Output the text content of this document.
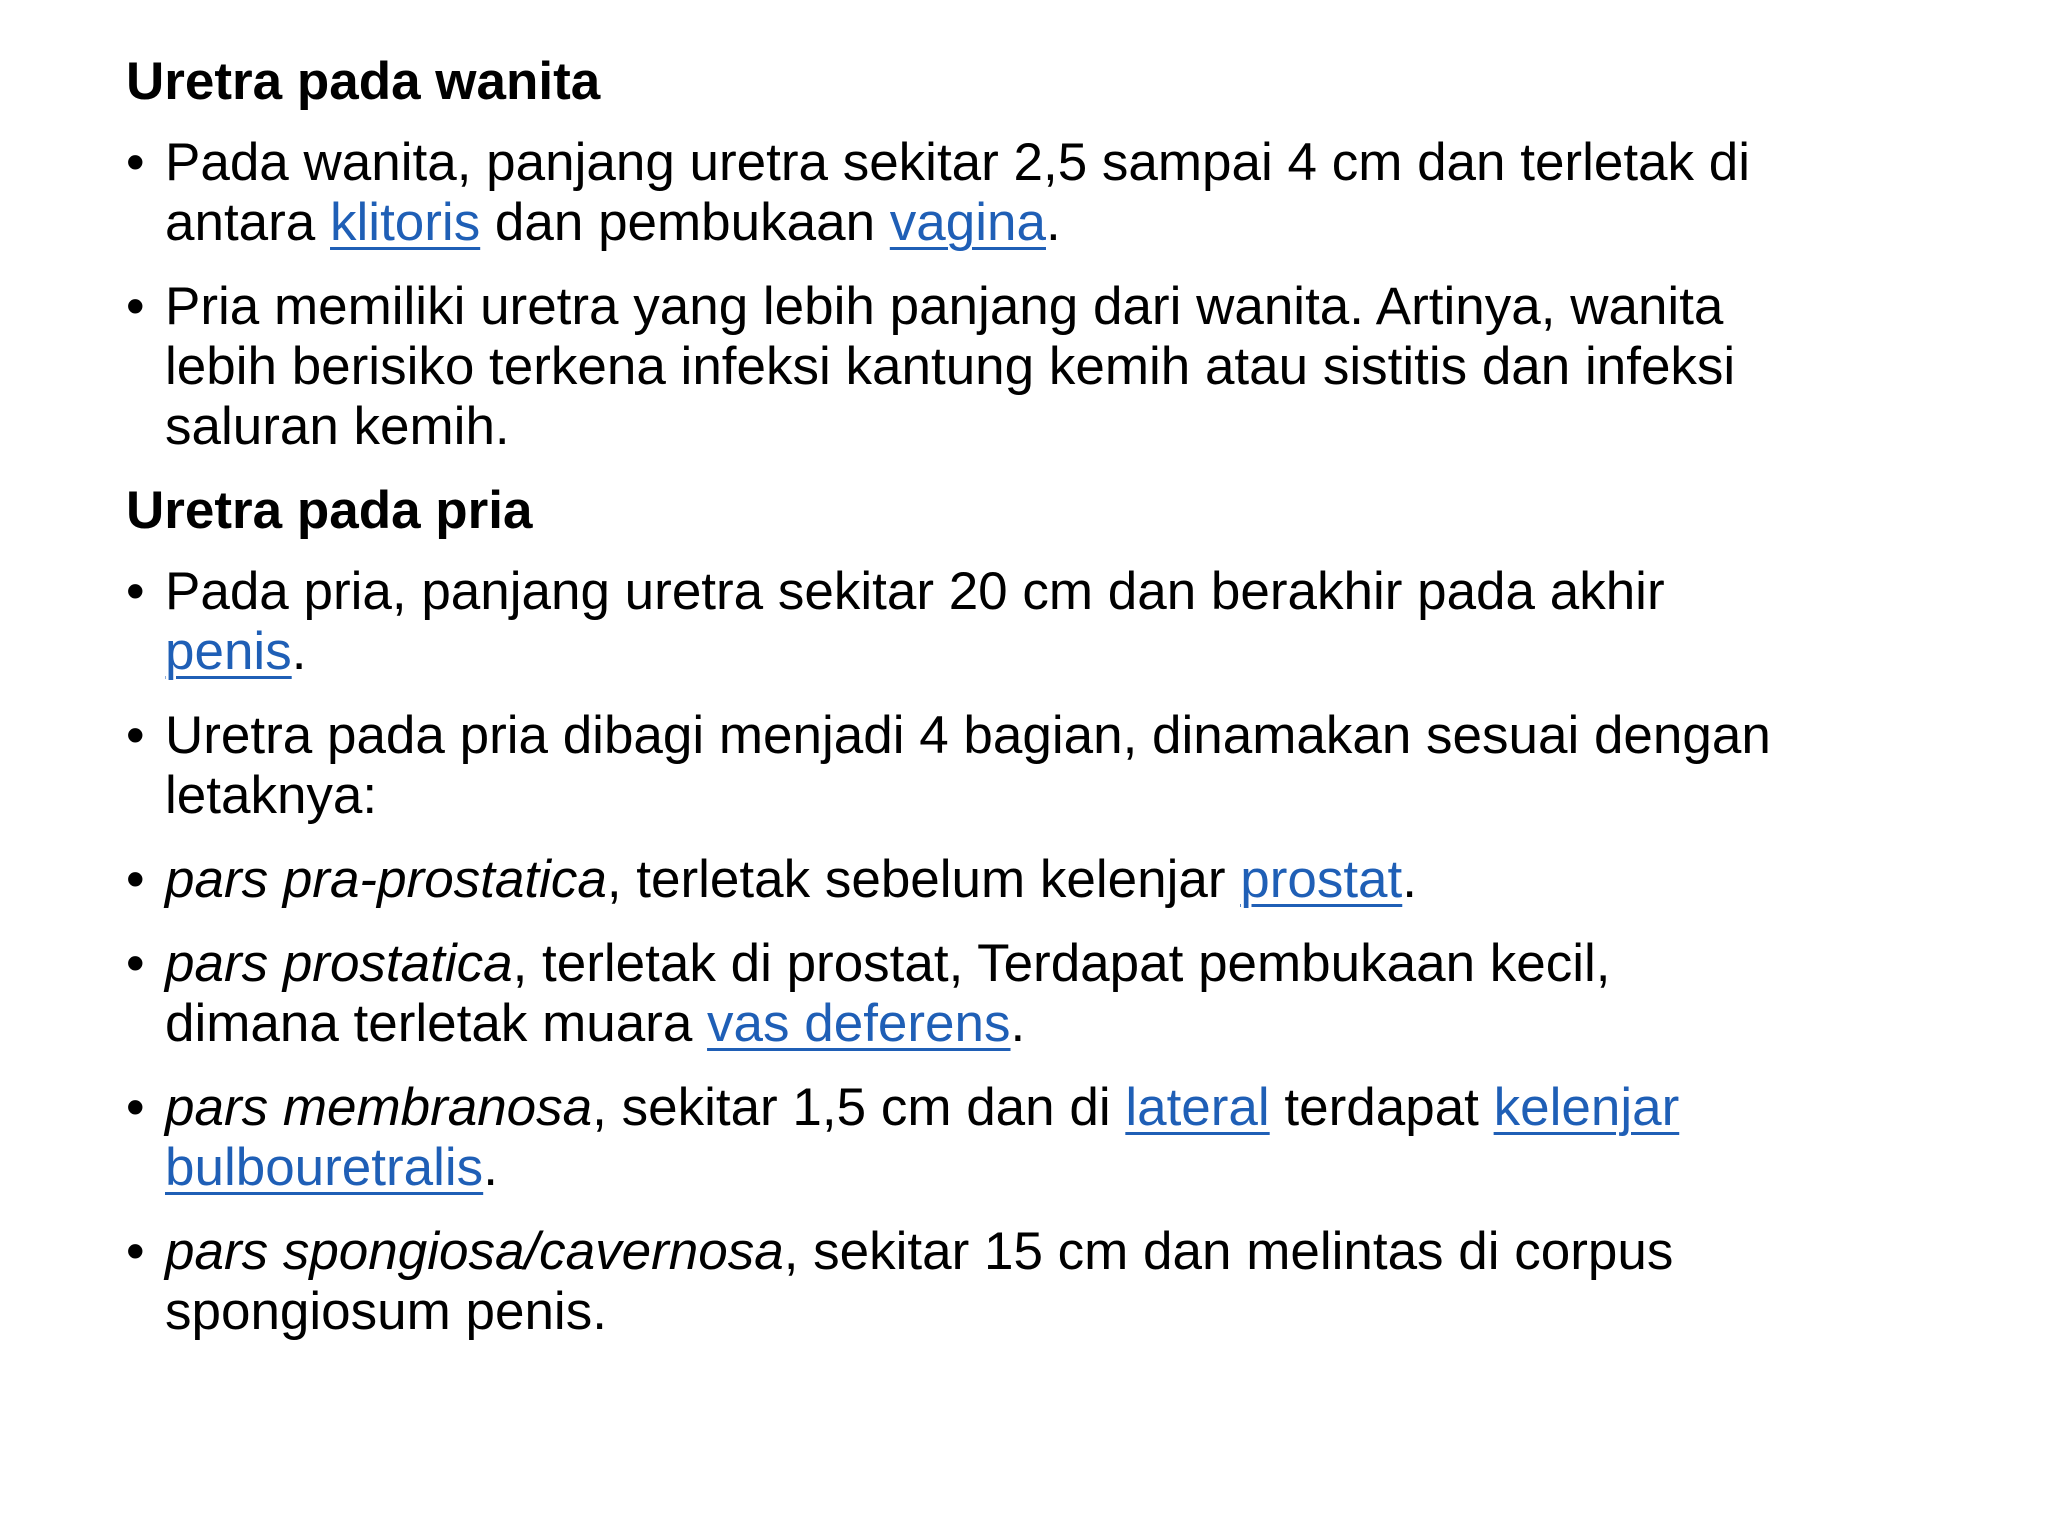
Uretra pada wanita
• Pada wanita, panjang uretra sekitar 2,5 sampai 4 cm dan terletak di
antara klitoris dan pembukaan vagina.
• Pria memiliki uretra yang lebih panjang dari wanita. Artinya, wanita
lebih berisiko terkena infeksi kantung kemih atau sistitis dan infeksi
saluran kemih.
Uretra pada pria
• Pada pria, panjang uretra sekitar 20 cm dan berakhir pada akhir
penis.
• Uretra pada pria dibagi menjadi 4 bagian, dinamakan sesuai dengan
letaknya:
• pars pra-prostatica, terletak sebelum kelenjar prostat.
• pars prostatica, terletak di prostat, Terdapat pembukaan kecil,
dimana terletak muara vas deferens.
• pars membranosa, sekitar 1,5 cm dan di lateral terdapat kelenjar
bulbouretralis.
• pars spongiosa/cavernosa, sekitar 15 cm dan melintas di corpus
spongiosum penis.
